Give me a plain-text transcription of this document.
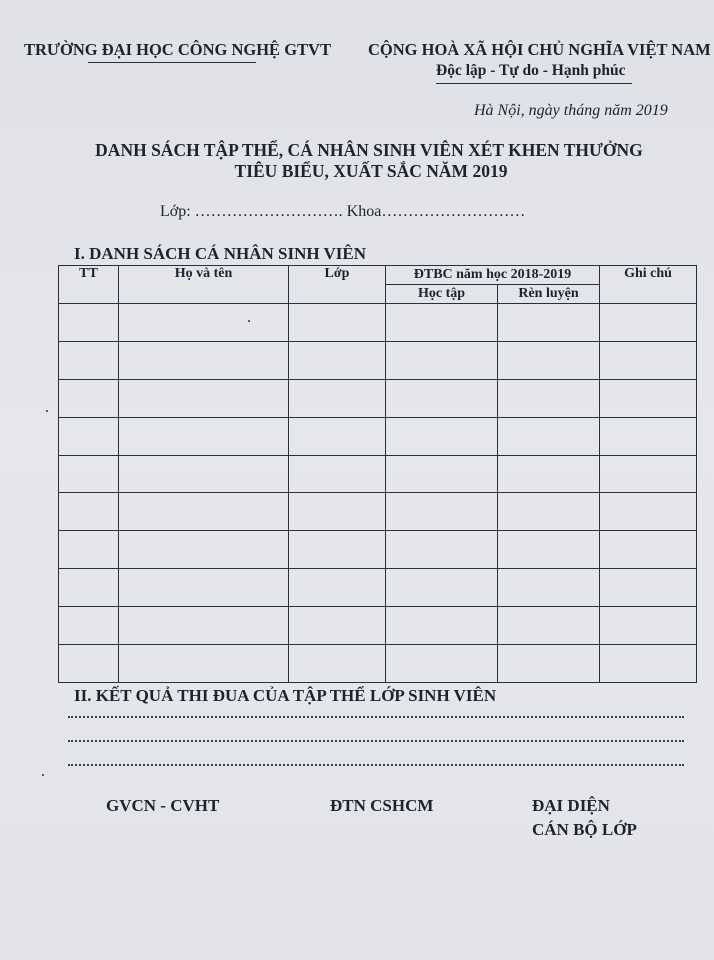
TRƯỜNG ĐẠI HỌC CÔNG NGHỆ GTVT CỘNG HOÀ XÃ HỘI CHỦ NGHĨA VIỆT NAM
Độc lập - Tự do - Hạnh phúc
Hà Nội, ngày tháng năm 2019
DANH SÁCH TẬP THỂ, CÁ NHÂN SINH VIÊN XÉT KHEN THƯỞNG
TIÊU BIỂU, XUẤT SẮC NĂM 2019
Lớp: ………………………. Khoa………………………
I. DANH SÁCH CÁ NHÂN SINH VIÊN
TT	Họ và tên	Lớp	ĐTBC năm học 2018-2019		Ghi chú
			Học tập	Rèn luyện	

II. KẾT QUẢ THI ĐUA CỦA TẬP THỂ LỚP SINH VIÊN
GVCN - CVHT	ĐTN CSHCM	ĐẠI DIỆN
CÁN BỘ LỚP
